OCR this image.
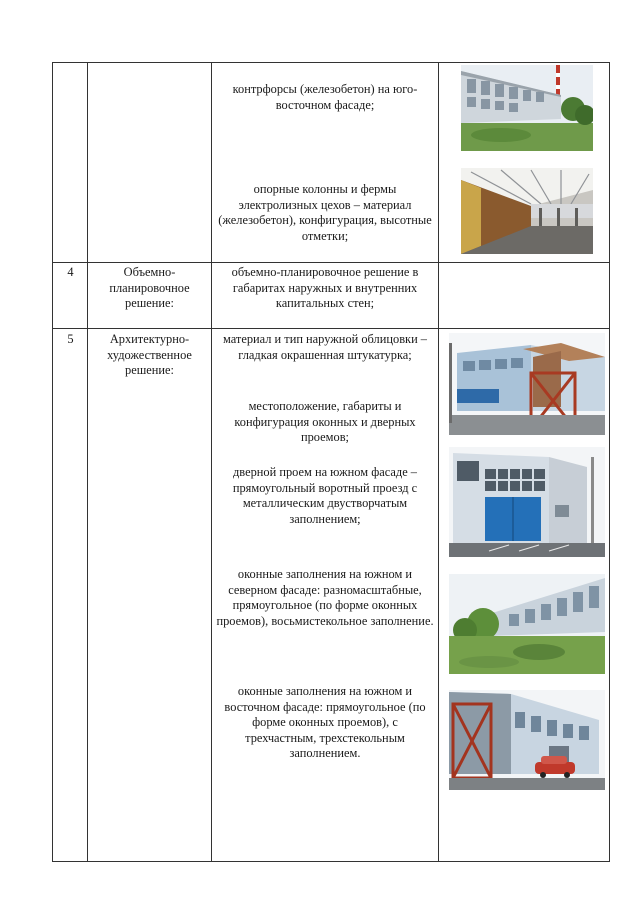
контрфорсы (железобетон) на юго-восточном фасаде;
опорные колонны и фермы электролизных цехов – материал (железобетон), конфигурация, высотные отметки;
4	Объемно-планировочное решение:
объемно-планировочное решение в габаритах наружных и внутренних капитальных стен;
5	Архитектурно-художественное решение:
материал и тип наружной облицовки – гладкая окрашенная штукатурка;
местоположение, габариты и конфигурация оконных и дверных проемов;
дверной проем на южном фасаде – прямоугольный воротный проезд с металлическим двустворчатым заполнением;
оконные заполнения на южном и северном фасаде: разномасштабные, прямоугольное (по форме оконных проемов), восьмистекольное заполнение.
оконные заполнения на южном и восточном фасаде: прямоугольное (по форме оконных проемов), с трехчастным, трехстекольным заполнением.
